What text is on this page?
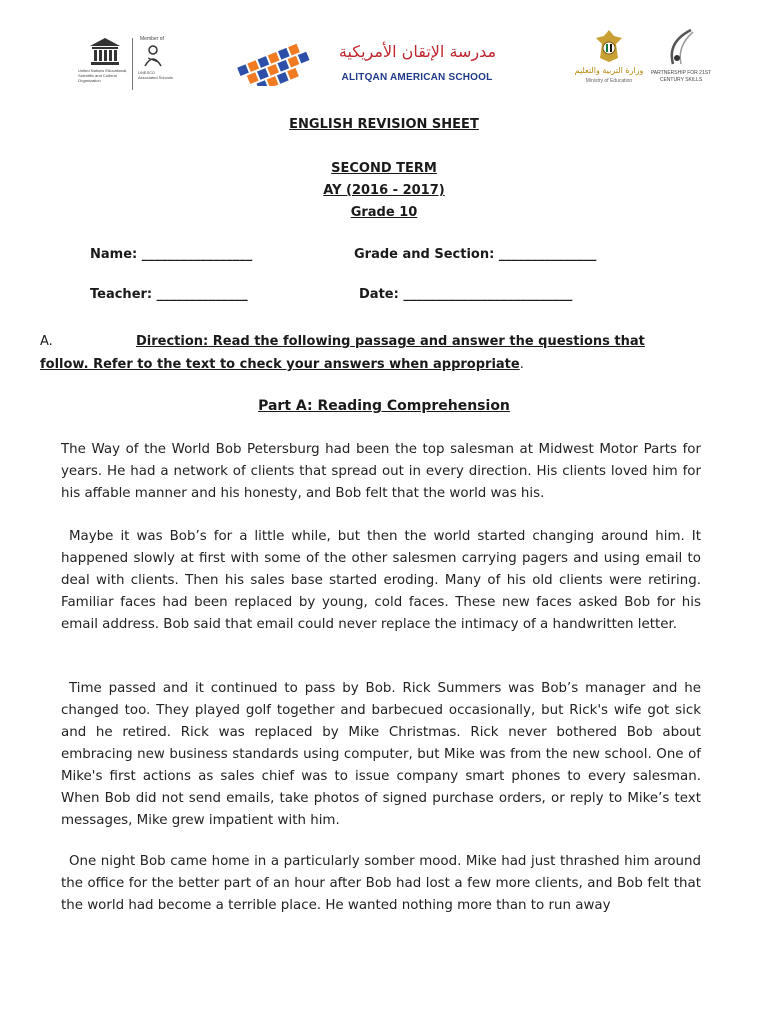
United Nations Educational, Scientific and Cultural Organization
Member of
UNESCO Associated Schools
مدرسة الإتقان الأمريكية
ALITQAN AMERICAN SCHOOL
وزارة التربية والتعليم
Ministry of Education
PARTNERSHIP FOR 21ST CENTURY SKILLS
ENGLISH REVISION SHEET
SECOND TERM
AY (2016 - 2017)
Grade 10
Name: _________________	Grade and Section: _______________
Teacher: ______________	Date: __________________________
A.	Direction: Read the following passage and answer the questions that follow. Refer to the text to check your answers when appropriate.
Part A: Reading Comprehension
The Way of the World Bob Petersburg had been the top salesman at Midwest Motor Parts for years. He had a network of clients that spread out in every direction. His clients loved him for his affable manner and his honesty, and Bob felt that the world was his.
Maybe it was Bob’s for a little while, but then the world started changing around him. It happened slowly at first with some of the other salesmen carrying pagers and using email to deal with clients. Then his sales base started eroding. Many of his old clients were retiring. Familiar faces had been replaced by young, cold faces. These new faces asked Bob for his email address. Bob said that email could never replace the intimacy of a handwritten letter.
Time passed and it continued to pass by Bob. Rick Summers was Bob’s manager and he changed too. They played golf together and barbecued occasionally, but Rick's wife got sick and he retired. Rick was replaced by Mike Christmas. Rick never bothered Bob about embracing new business standards using computer, but Mike was from the new school. One of Mike's first actions as sales chief was to issue company smart phones to every salesman. When Bob did not send emails, take photos of signed purchase orders, or reply to Mike’s text messages, Mike grew impatient with him.
One night Bob came home in a particularly somber mood. Mike had just thrashed him around the office for the better part of an hour after Bob had lost a few more clients, and Bob felt that the world had become a terrible place. He wanted nothing more than to run away
